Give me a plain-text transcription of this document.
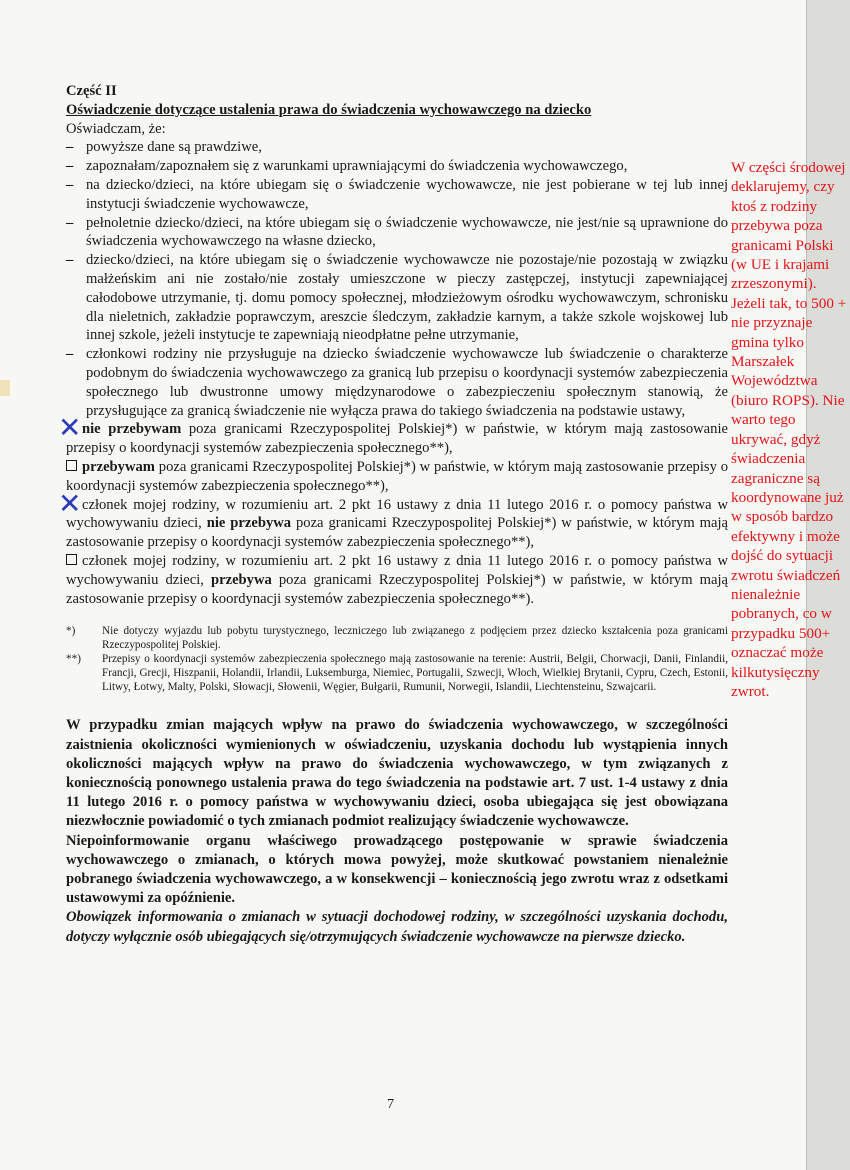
Część II
Oświadczenie dotyczące ustalenia prawa do świadczenia wychowawczego na dziecko
Oświadczam, że:
– powyższe dane są prawdziwe,
– zapoznałam/zapoznałem się z warunkami uprawniającymi do świadczenia wychowawczego,
– na dziecko/dzieci, na które ubiegam się o świadczenie wychowawcze, nie jest pobierane w tej lub innej instytucji świadczenie wychowawcze,
– pełnoletnie dziecko/dzieci, na które ubiegam się o świadczenie wychowawcze, nie jest/nie są uprawnione do świadczenia wychowawczego na własne dziecko,
– dziecko/dzieci, na które ubiegam się o świadczenie wychowawcze nie pozostaje/nie pozostają w związku małżeńskim ani nie zostało/nie zostały umieszczone w pieczy zastępczej, instytucji zapewniającej całodobowe utrzymanie, tj. domu pomocy społecznej, młodzieżowym ośrodku wychowawczym, schronisku dla nieletnich, zakładzie poprawczym, areszcie śledczym, zakładzie karnym, a także szkole wojskowej lub innej szkole, jeżeli instytucje te zapewniają nieodpłatne pełne utrzymanie,
– członkowi rodziny nie przysługuje na dziecko świadczenie wychowawcze lub świadczenie o charakterze podobnym do świadczenia wychowawczego za granicą lub przepisu o koordynacji systemów zabezpieczenia społecznego lub dwustronne umowy międzynarodowe o zabezpieczeniu społecznym stanowią, że przysługujące za granicą świadczenie nie wyłącza prawa do takiego świadczenia na podstawie ustawy,
✕ nie przebywam poza granicami Rzeczypospolitej Polskiej*) w państwie, w którym mają zastosowanie przepisy o koordynacji systemów zabezpieczenia społecznego**),
przebywam poza granicami Rzeczypospolitej Polskiej*) w państwie, w którym mają zastosowanie przepisy o koordynacji systemów zabezpieczenia społecznego**),
✕ członek mojej rodziny, w rozumieniu art. 2 pkt 16 ustawy z dnia 11 lutego 2016 r. o pomocy państwa w wychowywaniu dzieci, nie przebywa poza granicami Rzeczypospolitej Polskiej*) w państwie, w którym mają zastosowanie przepisy o koordynacji systemów zabezpieczenia społecznego**),
członek mojej rodziny, w rozumieniu art. 2 pkt 16 ustawy z dnia 11 lutego 2016 r. o pomocy państwa w wychowywaniu dzieci, przebywa poza granicami Rzeczypospolitej Polskiej*) w państwie, w którym mają zastosowanie przepisy o koordynacji systemów zabezpieczenia społecznego**).
*)	Nie dotyczy wyjazdu lub pobytu turystycznego, leczniczego lub związanego z podjęciem przez dziecko kształcenia poza granicami Rzeczypospolitej Polskiej.
**)	Przepisy o koordynacji systemów zabezpieczenia społecznego mają zastosowanie na terenie: Austrii, Belgii, Chorwacji, Danii, Finlandii, Francji, Grecji, Hiszpanii, Holandii, Irlandii, Luksemburga, Niemiec, Portugalii, Szwecji, Włoch, Wielkiej Brytanii, Cypru, Czech, Estonii, Litwy, Łotwy, Malty, Polski, Słowacji, Słowenii, Węgier, Bułgarii, Rumunii, Norwegii, Islandii, Liechtensteinu, Szwajcarii.

W przypadku zmian mających wpływ na prawo do świadczenia wychowawczego, w szczególności zaistnienia okoliczności wymienionych w oświadczeniu, uzyskania dochodu lub wystąpienia innych okoliczności mających wpływ na prawo do świadczenia wychowawczego, w tym związanych z koniecznością ponownego ustalenia prawa do tego świadczenia na podstawie art. 7 ust. 1-4 ustawy z dnia 11 lutego 2016 r. o pomocy państwa w wychowywaniu dzieci, osoba ubiegająca się jest obowiązana niezwłocznie powiadomić o tych zmianach podmiot realizujący świadczenie wychowawcze.

Niepoinformowanie organu właściwego prowadzącego postępowanie w sprawie świadczenia wychowawczego o zmianach, o których mowa powyżej, może skutkować powstaniem nienależnie pobranego świadczenia wychowawczego, a w konsekwencji – koniecznością jego zwrotu wraz z odsetkami ustawowymi za opóźnienie.

Obowiązek informowania o zmianach w sytuacji dochodowej rodziny, w szczególności uzyskania dochodu, dotyczy wyłącznie osób ubiegających się/otrzymujących świadczenie wychowawcze na pierwsze dziecko.

7
W części środowej deklarujemy, czy ktoś z rodziny przebywa poza granicami Polski (w UE i krajami zrzeszonymi). Jeżeli tak, to 500 + nie przyznaje gmina tylko Marszałek Województwa (biuro ROPS). Nie warto tego ukrywać, gdyż świadczenia zagraniczne są koordynowane już w sposób bardzo efektywny i może dojść do sytuacji zwrotu świadczeń nienależnie pobranych, co w przypadku 500+ oznaczać może kilkutysięczny zwrot.
